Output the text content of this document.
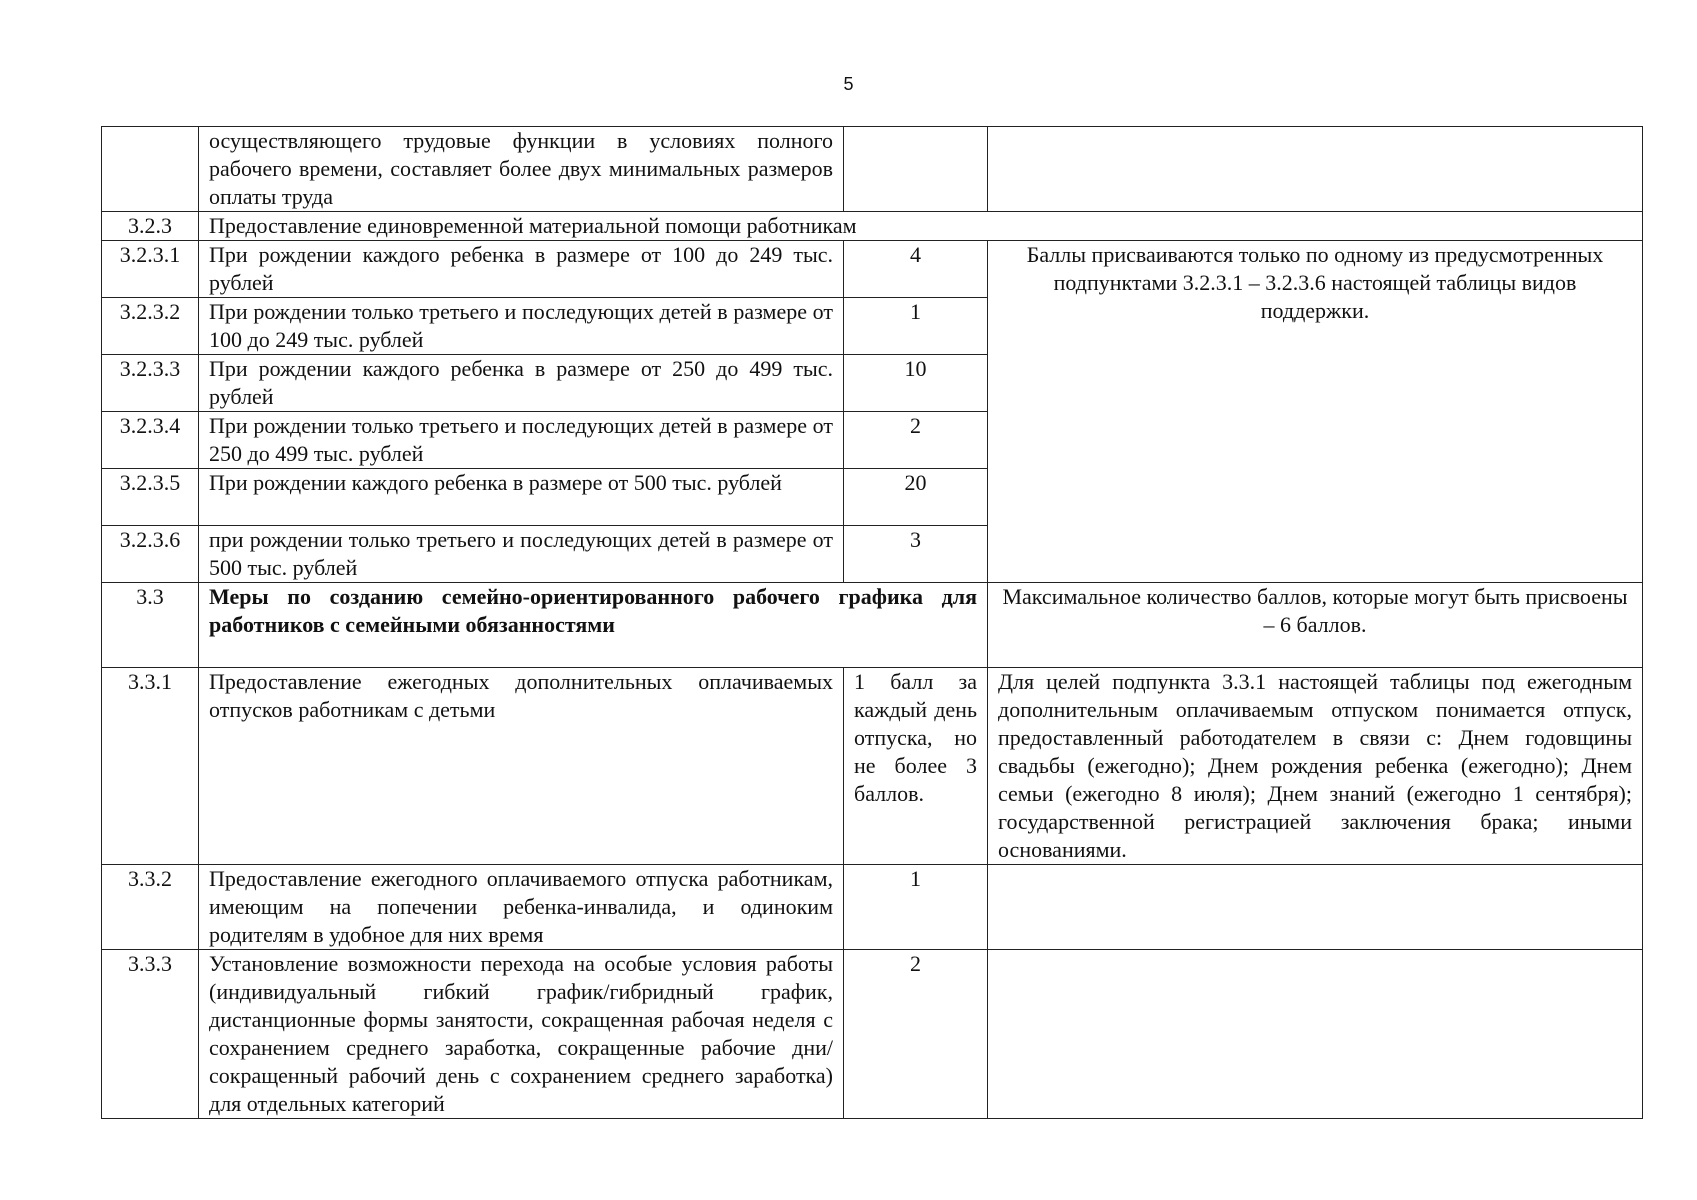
5
	осуществляющего трудовые функции в условиях полного рабочего времени, составляет более двух минимальных размеров оплаты труда		
3.2.3	Предоставление единовременной материальной помощи работникам		
3.2.3.1	При рождении каждого ребенка в размере от 100 до 249 тыс. рублей	4	Баллы присваиваются только по одному из предусмотренных подпунктами 3.2.3.1 – 3.2.3.6 настоящей таблицы видов поддержки.
3.2.3.2	При рождении только третьего и последующих детей в размере от 100 до 249 тыс. рублей	1	
3.2.3.3	При рождении каждого ребенка в размере от 250 до 499 тыс. рублей	10	
3.2.3.4	При рождении только третьего и последующих детей в размере от 250 до 499 тыс. рублей	2	
3.2.3.5	При рождении каждого ребенка в размере от 500 тыс. рублей	20	
3.2.3.6	при рождении только третьего и последующих детей в размере от 500 тыс. рублей	3	
3.3	Меры по созданию семейно-ориентированного рабочего графика для работников с семейными обязанностями		Максимальное количество баллов, которые могут быть присвоены – 6 баллов.
3.3.1	Предоставление ежегодных дополнительных оплачиваемых отпусков работникам с детьми	1 балл за каждый день отпуска, но не более 3 баллов.	Для целей подпункта 3.3.1 настоящей таблицы под ежегодным дополнительным оплачиваемым отпуском понимается отпуск, предоставленный работодателем в связи с: Днем годовщины свадьбы (ежегодно); Днем рождения ребенка (ежегодно); Днем семьи (ежегодно 8 июля); Днем знаний (ежегодно 1 сентября); государственной регистрацией заключения брака; иными основаниями.
3.3.2	Предоставление ежегодного оплачиваемого отпуска работникам, имеющим на попечении ребенка-инвалида, и одиноким родителям в удобное для них время	1	
3.3.3	Установление возможности перехода на особые условия работы (индивидуальный гибкий график/гибридный график, дистанционные формы занятости, сокращенная рабочая неделя с сохранением среднего заработка, сокращенные рабочие дни/сокращенный рабочий день с сохранением среднего заработка) для отдельных категорий	2	
